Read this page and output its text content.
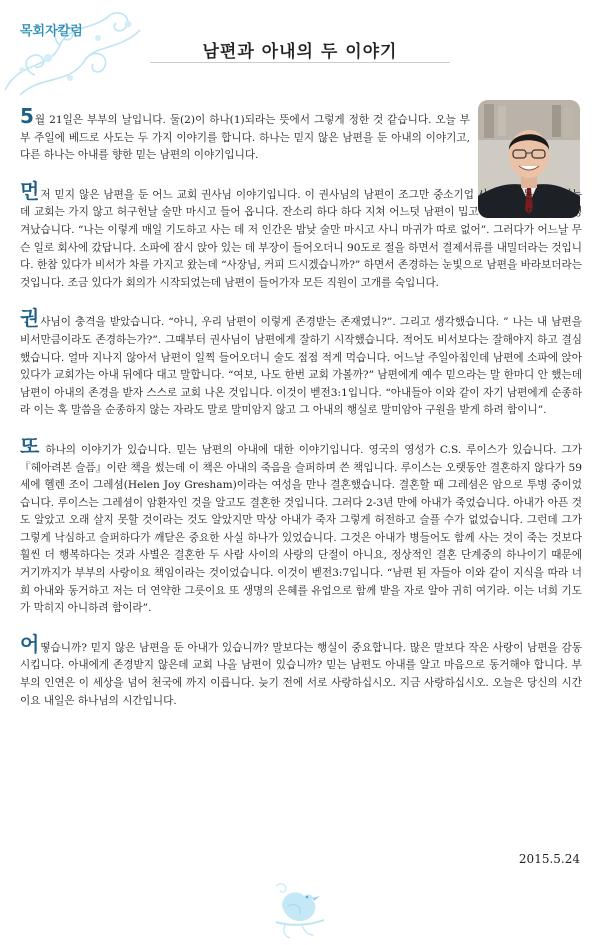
목회자칼럼
남편과 아내의 두 이야기

5월 21일은 부부의 날입니다. 둘(2)이 하나(1)되라는 뜻에서 그렇게 정한 것 같습니다. 오늘 부부 주일에 베드로 사도는 두 가지 이야기를 합니다. 하나는 믿지 않은 남편을 둔 아내의 이야기고, 다른 하나는 아내를 향한 믿는 남편의 이야기입니다.

먼저 믿지 않은 남편을 둔 어느 교회 권사님 이야기입니다. 이 권사님의 남편이 조그만 중소기업 사장으로 돈은 잘 벼는 데 교회는 가지 않고 허구헌날 술만 마시고 들어 옵니다. 잔소리 하다 하다 지쳐 어느덧 남편이 밉고 무시하는 마음까지 생겨났습니다. “나는 이렇게 매일 기도하고 사는 데 저 인간은 밤낮 술만 마시고 사니 마귀가 따로 없어”. 그러다가 어느날 무슨 일로 회사에 갔답니다. 소파에 잠시 앉아 있는 데 부장이 들어오더니 90도로 절을 하면서 결제서류를 내밀더라는 것입니다. 한참 있다가 비서가 차를 가지고 왔는데 “사장님, 커피 드시겠습니까?” 하면서 존경하는 눈빛으로 남편을 바라보더라는 것입니다. 조금 있다가 회의가 시작되었는데 남편이 들어가자 모든 직원이 고개를 숙입니다.

권사님이 충격을 받았습니다. “아니, 우리 남편이 이렇게 존경받는 존재였니?”. 그리고 생각했습니다. ” 나는 내 남편을 비서만큼이라도 존경하는가?”. 그때부터 권사님이 남편에게 잘하기 시작했습니다. 적어도 비서보다는 잘해야지 하고 결심했습니다. 얼마 지나지 않아서 남편이 일찍 들어오더니 술도 점점 적게 먹습니다. 어느날 주일아침인데 남편에 소파에 앉아 있다가 교회가는 아내 뒤에다 대고 말합니다. “여보, 나도 한번 교회 가볼까?” 남편에게 예수 믿으라는 말 한마디 안 했는데 남편이 아내의 존경을 받자 스스로 교회 나온 것입니다. 이것이 벧전3:1입니다. “아내들아 이와 같이 자기 남편에게 순종하라 이는 혹 말씀을 순종하지 않는 자라도 말로 말미암지 않고 그 아내의 행실로 말미암아 구원을 받게 하려 함이니”.

또 하나의 이야기가 있습니다. 믿는 남편의 아내에 대한 이야기입니다. 영국의 영성가 C.S. 루이스가 있습니다. 그가 『헤아려본 슬픔』이란 책을 썼는데 이 책은 아내의 죽음을 슬퍼하며 쓴 책입니다. 루이스는 오랫동안 결혼하지 않다가 59세에 헬렌 조이 그레셤(Helen Joy Gresham)이라는 여성을 만나 결혼했습니다. 결혼할 때 그레셤은 암으로 투병 중이었습니다. 루이스는 그레셤이 암환자인 것을 알고도 결혼한 것입니다. 그러다 2-3년 만에 아내가 죽었습니다. 아내가 아픈 것도 알았고 오래 살지 못할 것이라는 것도 알았지만 막상 아내가 죽자 그렇게 허전하고 슬플 수가 없었습니다. 그런데 그가 그렇게 낙심하고 슬퍼하다가 깨닫은 중요한 사실 하나가 있었습니다. 그것은 아내가 병들어도 함께 사는 것이 죽는 것보다 훨씬 더 행복하다는 것과 사별은 결혼한 두 사람 사이의 사랑의 단절이 아니요, 정상적인 결혼 단계중의 하나이기 때문에 거기까지가 부부의 사랑이요 책임이라는 것이었습니다. 이것이 벧전3:7입니다. “남편 된 자들아 이와 같이 지식을 따라 너희 아내와 동거하고 저는 더 연약한 그릇이요 또 생명의 은혜를 유업으로 함께 받을 자로 알아 귀히 여기라. 이는 너희 기도가 막히지 아니하려 함이라”.

어떻습니까? 믿지 않은 남편을 둔 아내가 있습니까? 말보다는 행실이 중요합니다. 많은 말보다 작은 사랑이 남편을 감동시킵니다. 아내에게 존경받지 않은데 교회 나올 남편이 있습니까? 믿는 남편도 아내를 알고 마음으로 동거해야 합니다. 부부의 인연은 이 세상을 넘어 천국에 까지 이릅니다. 늦기 전에 서로 사랑하십시오. 지금 사랑하십시오. 오늘은 당신의 시간이요 내일은 하나님의 시간입니다.

2015.5.24
